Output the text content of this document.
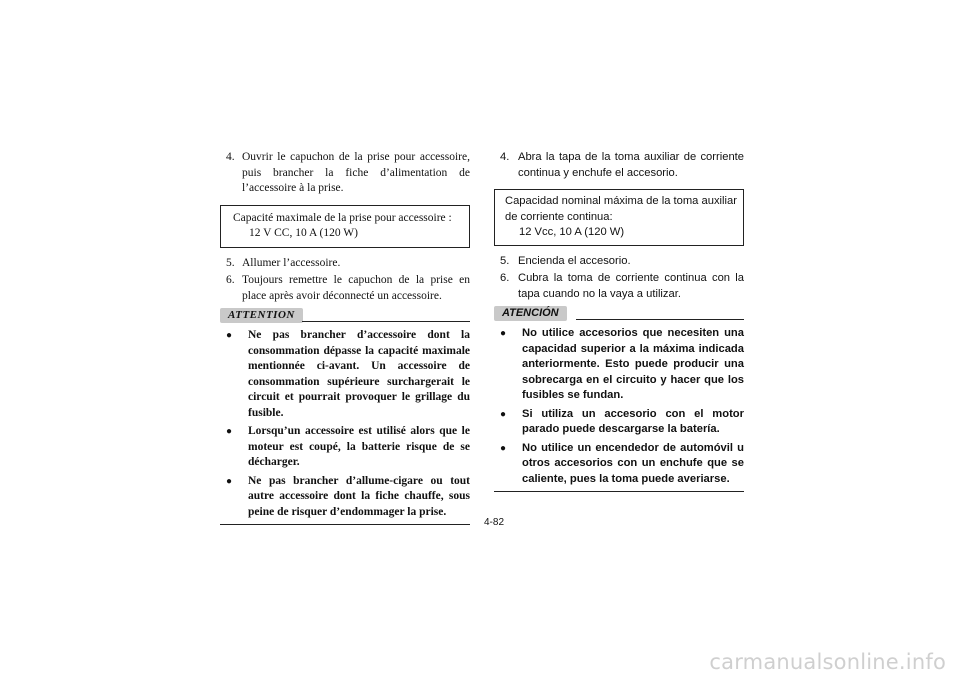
4. Ouvrir le capuchon de la prise pour accessoire, puis brancher la fiche d’alimentation de l’accessoire à la prise.
Capacité maximale de la prise pour accessoire :
12 V CC, 10 A (120 W)
5. Allumer l’accessoire.
6. Toujours remettre le capuchon de la prise en place après avoir déconnecté un accessoire.
ATTENTION
●	Ne pas brancher d’accessoire dont la consommation dépasse la capacité maximale mentionnée ci-avant. Un accessoire de consommation supérieure surchargerait le circuit et pourrait provoquer le grillage du fusible.
●	Lorsqu’un accessoire est utilisé alors que le moteur est coupé, la batterie risque de se décharger.
●	Ne pas brancher d’allume-cigare ou tout autre accessoire dont la fiche chauffe, sous peine de risquer d’endommager la prise.
4. Abra la tapa de la toma auxiliar de corriente continua y enchufe el accesorio.
Capacidad nominal máxima de la toma auxiliar de corriente continua:
12 Vcc, 10 A (120 W)
5. Encienda el accesorio.
6. Cubra la toma de corriente continua con la tapa cuando no la vaya a utilizar.
ATENCIÓN
●	No utilice accesorios que necesiten una capacidad superior a la máxima indicada anteriormente. Esto puede producir una sobrecarga en el circuito y hacer que los fusibles se fundan.
●	Si utiliza un accesorio con el motor parado puede descargarse la batería.
●	No utilice un encendedor de automóvil u otros accesorios con un enchufe que se caliente, pues la toma puede averiarse.
4-82
carmanualsonline.info
